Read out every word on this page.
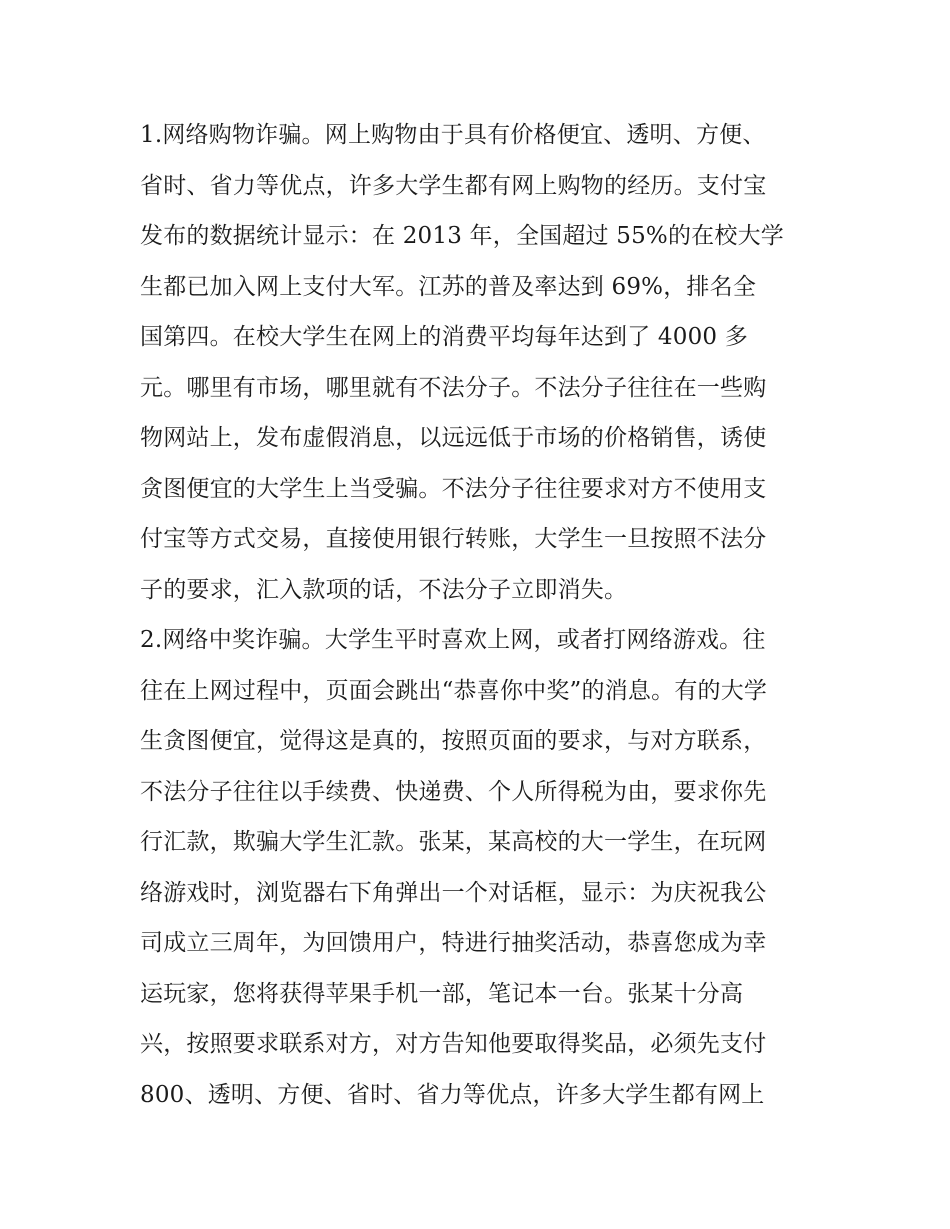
1.网络购物诈骗。网上购物由于具有价格便宜、透明、方便、
省时、省力等优点，许多大学生都有网上购物的经历。支付宝
发布的数据统计显示：在 2013 年，全国超过 55%的在校大学
生都已加入网上支付大军。江苏的普及率达到 69%，排名全
国第四。在校大学生在网上的消费平均每年达到了 4000 多
元。哪里有市场，哪里就有不法分子。不法分子往往在一些购
物网站上，发布虚假消息，以远远低于市场的价格销售，诱使
贪图便宜的大学生上当受骗。不法分子往往要求对方不使用支
付宝等方式交易，直接使用银行转账，大学生一旦按照不法分
子的要求，汇入款项的话，不法分子立即消失。
2.网络中奖诈骗。大学生平时喜欢上网，或者打网络游戏。往
往在上网过程中，页面会跳出“恭喜你中奖”的消息。有的大学
生贪图便宜，觉得这是真的，按照页面的要求，与对方联系，
不法分子往往以手续费、快递费、个人所得税为由，要求你先
行汇款，欺骗大学生汇款。张某，某高校的大一学生，在玩网
络游戏时，浏览器右下角弹出一个对话框，显示：为庆祝我公
司成立三周年，为回馈用户，特进行抽奖活动，恭喜您成为幸
运玩家，您将获得苹果手机一部，笔记本一台。张某十分高
兴，按照要求联系对方，对方告知他要取得奖品，必须先支付
800、透明、方便、省时、省力等优点，许多大学生都有网上
